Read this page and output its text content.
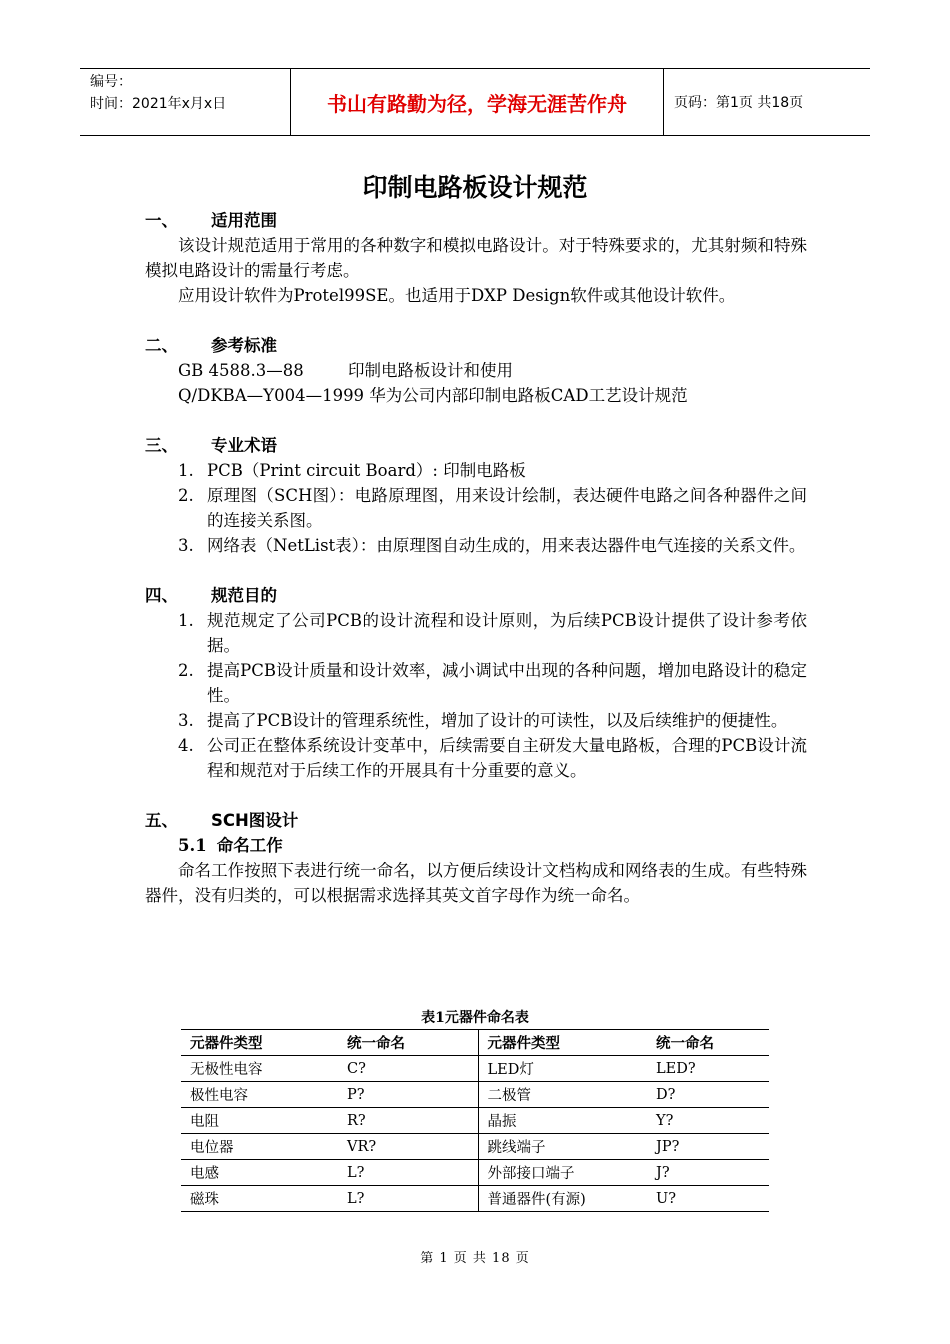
编号：
时间：2021年x月x日	书山有路勤为径，学海无涯苦作舟	页码：第1页 共18页
印制电路板设计规范
一、 适用范围
该设计规范适用于常用的各种数字和模拟电路设计。对于特殊要求的，尤其射频和特殊模拟电路设计的需量行考虑。
应用设计软件为Protel99SE。也适用于DXP Design软件或其他设计软件。
二、 参考标准
GB 4588.3—88	印制电路板设计和使用
Q/DKBA—Y004—1999 华为公司内部印制电路板CAD工艺设计规范
三、 专业术语
1. PCB（Print circuit Board）: 印制电路板
2. 原理图（SCH图）：电路原理图，用来设计绘制，表达硬件电路之间各种器件之间的连接关系图。
3. 网络表（NetList表）：由原理图自动生成的，用来表达器件电气连接的关系文件。
四、 规范目的
1. 规范规定了公司PCB的设计流程和设计原则，为后续PCB设计提供了设计参考依据。
2. 提高PCB设计质量和设计效率，减小调试中出现的各种问题，增加电路设计的稳定性。
3. 提高了PCB设计的管理系统性，增加了设计的可读性，以及后续维护的便捷性。
4. 公司正在整体系统设计变革中，后续需要自主研发大量电路板，合理的PCB设计流程和规范对于后续工作的开展具有十分重要的意义。
五、 SCH图设计
5.1 命名工作
命名工作按照下表进行统一命名，以方便后续设计文档构成和网络表的生成。有些特殊器件，没有归类的，可以根据需求选择其英文首字母作为统一命名。
表1元器件命名表
元器件类型	统一命名	元器件类型	统一命名
无极性电容	C?	LED灯	LED?
极性电容	P?	二极管	D?
电阻	R?	晶振	Y?
电位器	VR?	跳线端子	JP?
电感	L?	外部接口端子	J?
磁珠	L?	普通器件(有源)	U?
第 1 页 共 18 页
